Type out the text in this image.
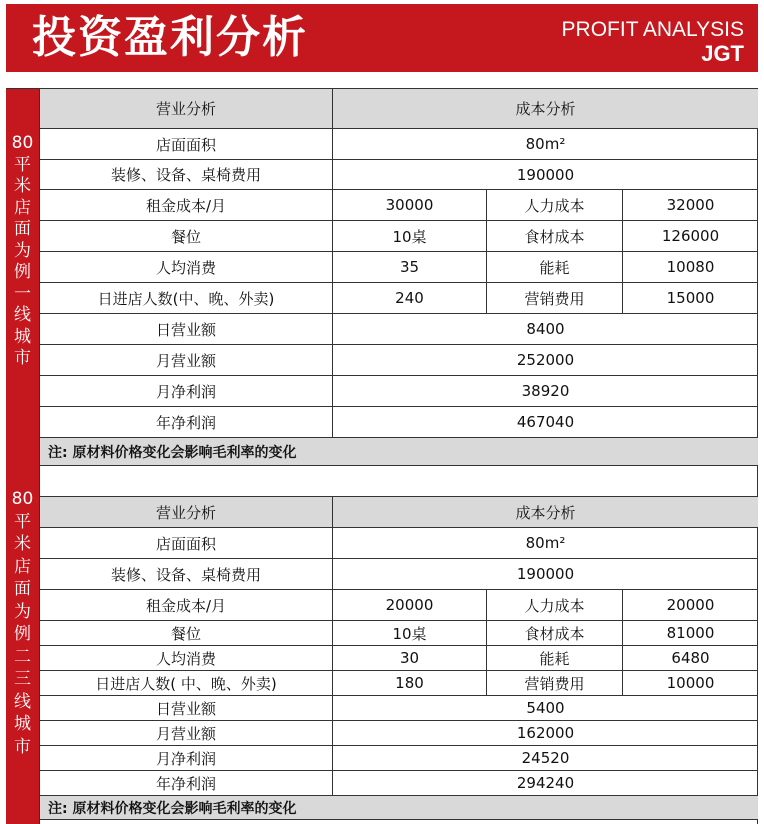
投资盈利分析	PROFIT ANALYSIS
JGT
80
平
米
店
面
为
例
一
线
城
市
营业分析	成本分析
店面面积	80m²
装修、设备、桌椅费用	190000
租金成本/月	30000	人力成本	32000
餐位	10桌	食材成本	126000
人均消费	35	能耗	10080
日进店人数(中、晚、外卖)	240	营销费用	15000
日营业额	8400
月营业额	252000
月净利润	38920
年净利润	467040
注: 原材料价格变化会影响毛利率的变化
80
平
米
店
面
为
例
二
三
线
城
市
营业分析	成本分析
店面面积	80m²
装修、设备、桌椅费用	190000
租金成本/月	20000	人力成本	20000
餐位	10桌	食材成本	81000
人均消费	30	能耗	6480
日进店人数( 中、晚、外卖)	180	营销费用	10000
日营业额	5400
月营业额	162000
月净利润	24520
年净利润	294240
注: 原材料价格变化会影响毛利率的变化
